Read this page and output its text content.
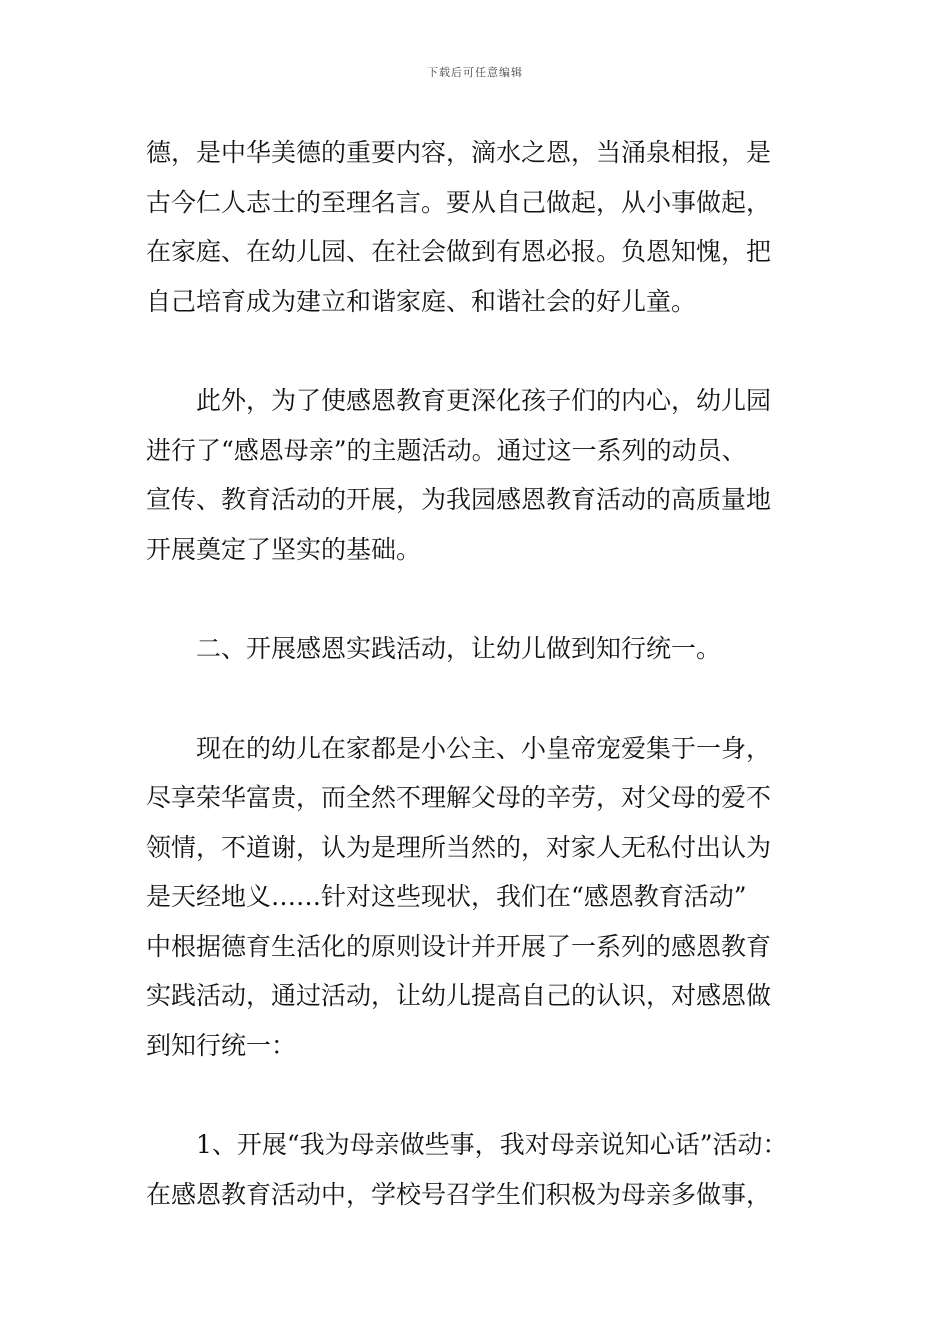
下载后可任意编辑
德，是中华美德的重要内容，滴水之恩，当涌泉相报，是
古今仁人志士的至理名言。要从自己做起，从小事做起，
在家庭、在幼儿园、在社会做到有恩必报。负恩知愧，把
自己培育成为建立和谐家庭、和谐社会的好儿童。
此外，为了使感恩教育更深化孩子们的内心，幼儿园
进行了“感恩母亲”的主题活动。通过这一系列的动员、
宣传、教育活动的开展，为我园感恩教育活动的高质量地
开展奠定了坚实的基础。
二、开展感恩实践活动，让幼儿做到知行统一。
现在的幼儿在家都是小公主、小皇帝宠爱集于一身，
尽享荣华富贵，而全然不理解父母的辛劳，对父母的爱不
领情，不道谢，认为是理所当然的，对家人无私付出认为
是天经地义……针对这些现状，我们在“感恩教育活动”
中根据德育生活化的原则设计并开展了一系列的感恩教育
实践活动，通过活动，让幼儿提高自己的认识，对感恩做
到知行统一：
1、开展“我为母亲做些事，我对母亲说知心话”活动：
在感恩教育活动中，学校号召学生们积极为母亲多做事，
